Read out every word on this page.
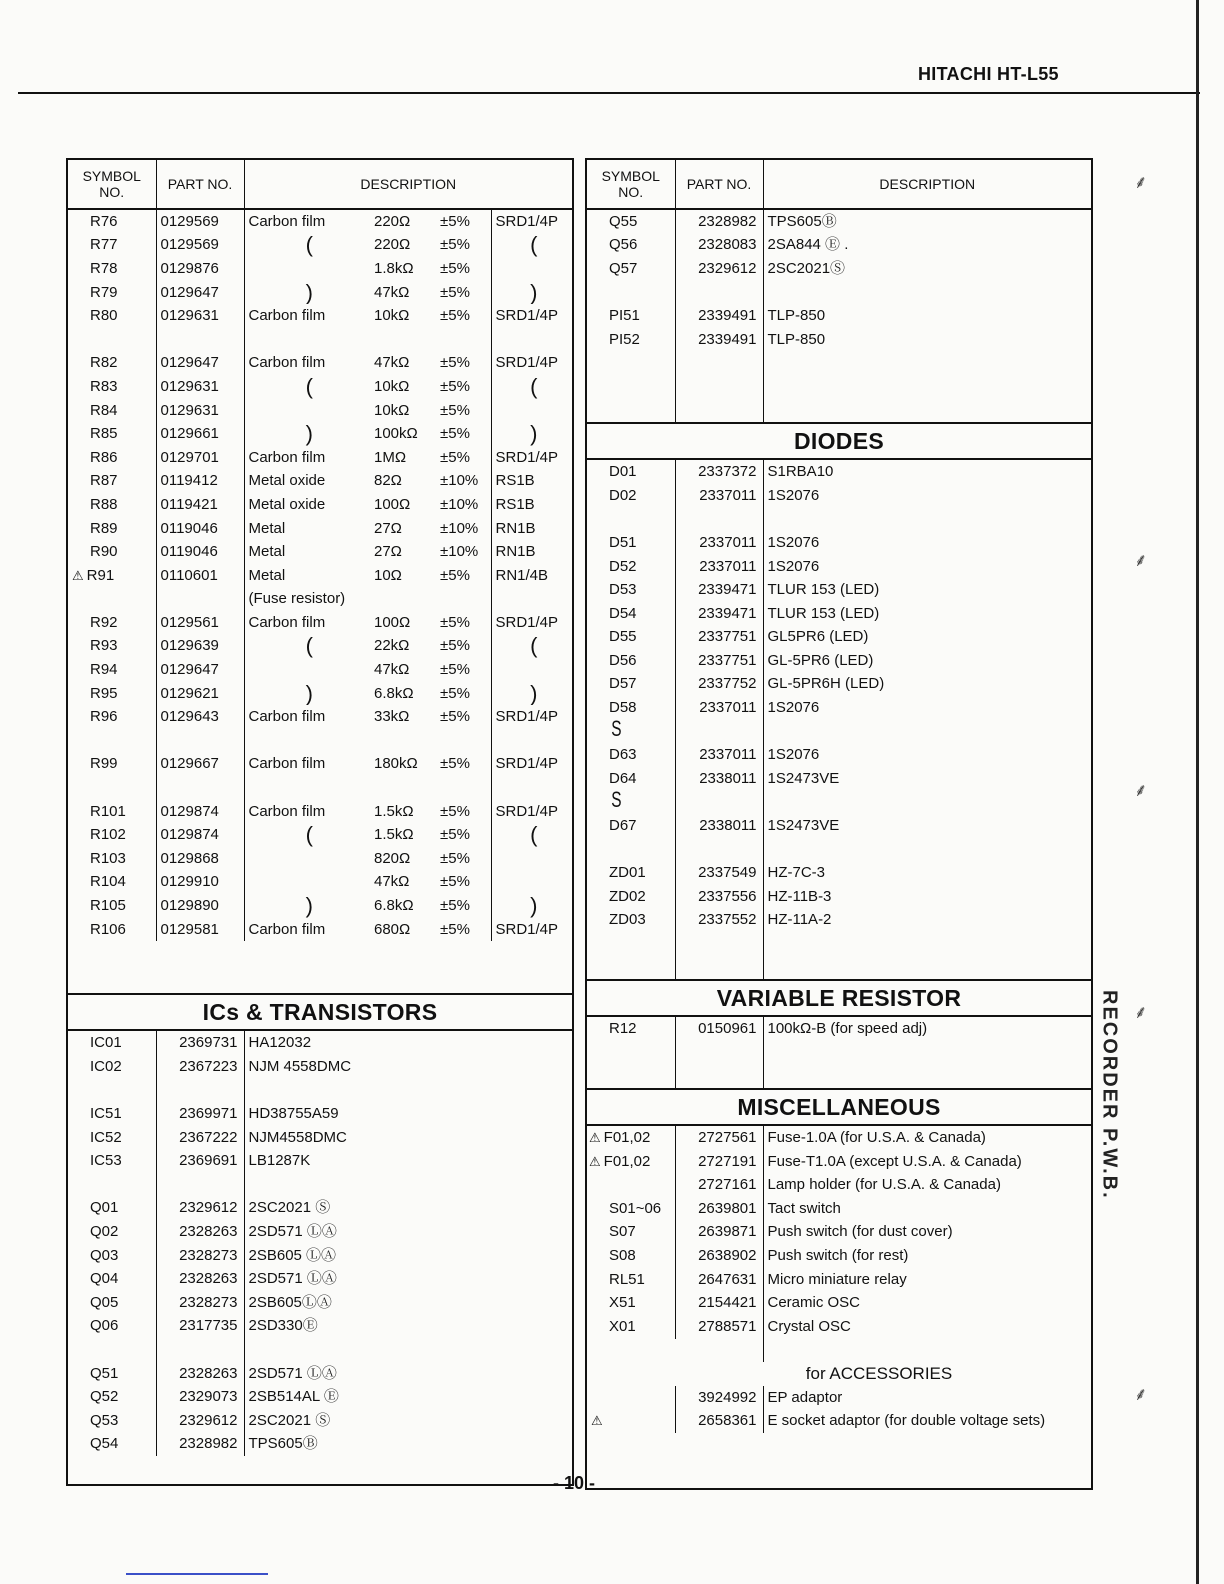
HITACHI HT-L55
RECORDER P.W.B.
⸙
⸙
⸙
⸙
⸙
SYMBOL NO.	PART NO.	DESCRIPTION			
R76	0129569	Carbon film	220Ω	±5%	SRD1/4P
R77	0129569	(	220Ω	±5%	(
R78	0129876		1.8kΩ	±5%	
R79	0129647	)	47kΩ	±5%	)
R80	0129631	Carbon film	10kΩ	±5%	SRD1/4P

R82	0129647	Carbon film	47kΩ	±5%	SRD1/4P
R83	0129631	(	10kΩ	±5%	(
R84	0129631		10kΩ	±5%	
R85	0129661	)	100kΩ	±5%	)
R86	0129701	Carbon film	1MΩ	±5%	SRD1/4P
R87	0119412	Metal oxide	82Ω	±10%	RS1B
R88	0119421	Metal oxide	100Ω	±10%	RS1B
R89	0119046	Metal	27Ω	±10%	RN1B
R90	0119046	Metal	27Ω	±10%	RN1B
⚠ R91	0110601	Metal	10Ω	±5%	RN1/4B
		(Fuse resistor)			
R92	0129561	Carbon film	100Ω	±5%	SRD1/4P
R93	0129639	(	22kΩ	±5%	(
R94	0129647		47kΩ	±5%	
R95	0129621	)	6.8kΩ	±5%	)
R96	0129643	Carbon film	33kΩ	±5%	SRD1/4P

R99	0129667	Carbon film	180kΩ	±5%	SRD1/4P

R101	0129874	Carbon film	1.5kΩ	±5%	SRD1/4P
R102	0129874	(	1.5kΩ	±5%	(
R103	0129868		820Ω	±5%	
R104	0129910		47kΩ	±5%	
R105	0129890	)	6.8kΩ	±5%	)
R106	0129581	Carbon film	680Ω	±5%	SRD1/4P
ICs & TRANSISTORS
IC01	2369731	HA12032
IC02	2367223	NJM 4558DMC

IC51	2369971	HD38755A59
IC52	2367222	NJM4558DMC
IC53	2369691	LB1287K

Q01	2329612	2SC2021 Ⓢ
Q02	2328263	2SD571 ⓁⒶ
Q03	2328273	2SB605 ⓁⒶ
Q04	2328263	2SD571 ⓁⒶ
Q05	2328273	2SB605ⓁⒶ
Q06	2317735	2SD330Ⓔ

Q51	2328263	2SD571 ⓁⒶ
Q52	2329073	2SB514AL Ⓔ
Q53	2329612	2SC2021 Ⓢ
Q54	2328982	TPS605Ⓑ
SYMBOL NO.	PART NO.	DESCRIPTION
Q55	2328982	TPS605Ⓑ
Q56	2328083	2SA844 Ⓔ .
Q57	2329612	2SC2021Ⓢ

PI51	2339491	TLP-850
PI52	2339491	TLP-850

DIODES
D01	2337372	S1RBA10
D02	2337011	1S2076

D51	2337011	1S2076
D52	2337011	1S2076
D53	2339471	TLUR 153 (LED)
D54	2339471	TLUR 153 (LED)
D55	2337751	GL5PR6 (LED)
D56	2337751	GL-5PR6 (LED)
D57	2337752	GL-5PR6H (LED)
D58	2337011	1S2076
S		
D63	2337011	1S2076
D64	2338011	1S2473VE
S		
D67	2338011	1S2473VE

ZD01	2337549	HZ-7C-3
ZD02	2337556	HZ-11B-3
ZD03	2337552	HZ-11A-2

VARIABLE RESISTOR
R12	0150961	100kΩ-B (for speed adj)

MISCELLANEOUS
⚠ F01,02	2727561	Fuse-1.0A (for U.S.A. & Canada)
⚠ F01,02	2727191	Fuse-T1.0A (except U.S.A. & Canada)
	2727161	Lamp holder (for U.S.A. & Canada)
S01~06	2639801	Tact switch
S07	2639871	Push switch (for dust cover)
S08	2638902	Push switch (for rest)
RL51	2647631	Micro miniature relay
X51	2154421	Ceramic OSC
X01	2788571	Crystal OSC

for ACCESSORIES		
	3924992	EP adaptor
⚠	2658361	E socket adaptor (for double voltage sets)
- 10 -
